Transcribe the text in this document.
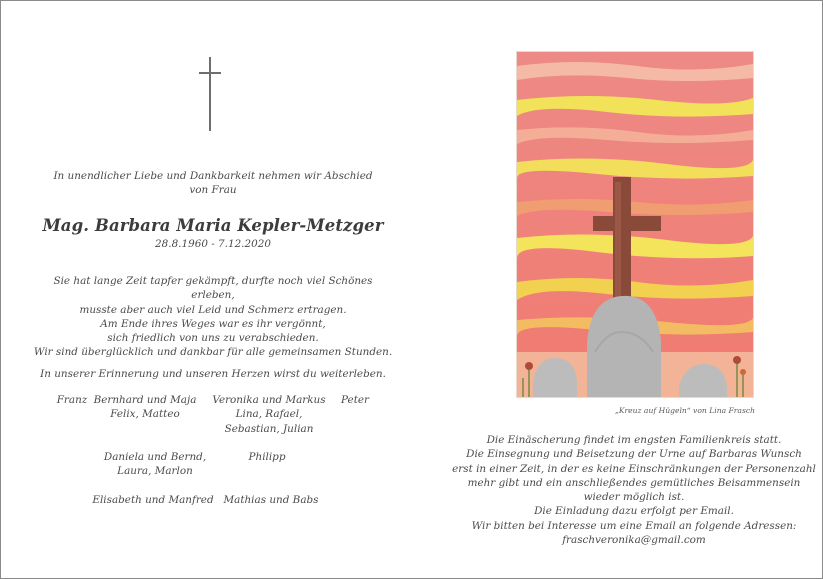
In unendlicher Liebe und Dankbarkeit nehmen wir Abschied
von Frau
Mag. Barbara Maria Kepler-Metzger
28.8.1960 - 7.12.2020
Sie hat lange Zeit tapfer gekämpft, durfte noch viel Schönes erleben,
musste aber auch viel Leid und Schmerz ertragen.
Am Ende ihres Weges war es ihr vergönnt,
sich friedlich von uns zu verabschieden.
Wir sind überglücklich und dankbar für alle gemeinsamen Stunden.
In unserer Erinnerung und unseren Herzen wirst du weiterleben.
Franz Bernhard und Maja
Felix, Matteo
Veronika und Markus
Lina, Rafael,
Sebastian, Julian
Peter
Daniela und Bernd,
Laura, Marlon
Philipp
Elisabeth und Manfred Mathias und Babs
„Kreuz auf Hügeln“ von Lina Frasch
Die Einäscherung findet im engsten Familienkreis statt.
Die Einsegnung und Beisetzung der Urne auf Barbaras Wunsch
erst in einer Zeit, in der es keine Einschränkungen der Personenzahl
mehr gibt und ein anschließendes gemütliches Beisammensein
wieder möglich ist.
Die Einladung dazu erfolgt per Email.
Wir bitten bei Interesse um eine Email an folgende Adressen:
fraschveronika@gmail.com
